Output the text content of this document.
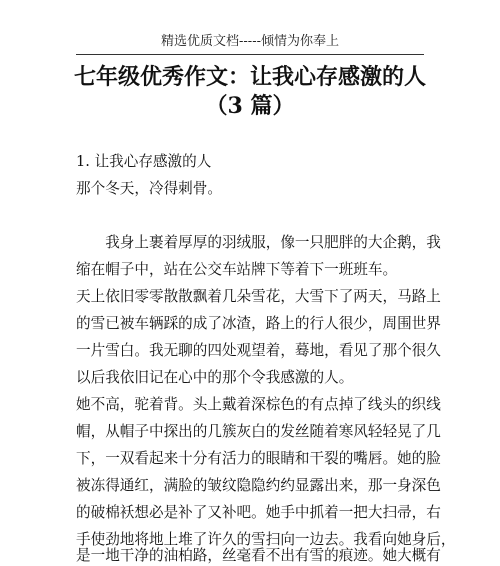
精选优质文档-----倾情为你奉上
七年级优秀作文：让我心存感激的人
（3 篇）
1. 让我心存感激的人
那个冬天，冷得刺骨。
　　我身上裹着厚厚的羽绒服，像一只肥胖的大企鹅，我
缩在帽子中，站在公交车站牌下等着下一班班车。
天上依旧零零散散飘着几朵雪花，大雪下了两天，马路上
的雪已被车辆踩的成了冰渣，路上的行人很少，周围世界
一片雪白。我无聊的四处观望着，蓦地，看见了那个很久
以后我依旧记在心中的那个令我感激的人。
她不高，驼着背。头上戴着深棕色的有点掉了线头的织线
帽，从帽子中探出的几簇灰白的发丝随着寒风轻轻晃了几
下，一双看起来十分有活力的眼睛和干裂的嘴唇。她的脸
被冻得通红，满脸的皱纹隐隐约约显露出来，那一身深色
的破棉袄想必是补了又补吧。她手中抓着一把大扫帚，右
手使劲地将地上堆了许久的雪扫向一边去。我看向她身后，
是一地干净的油柏路，丝毫看不出有雪的痕迹。她大概有
